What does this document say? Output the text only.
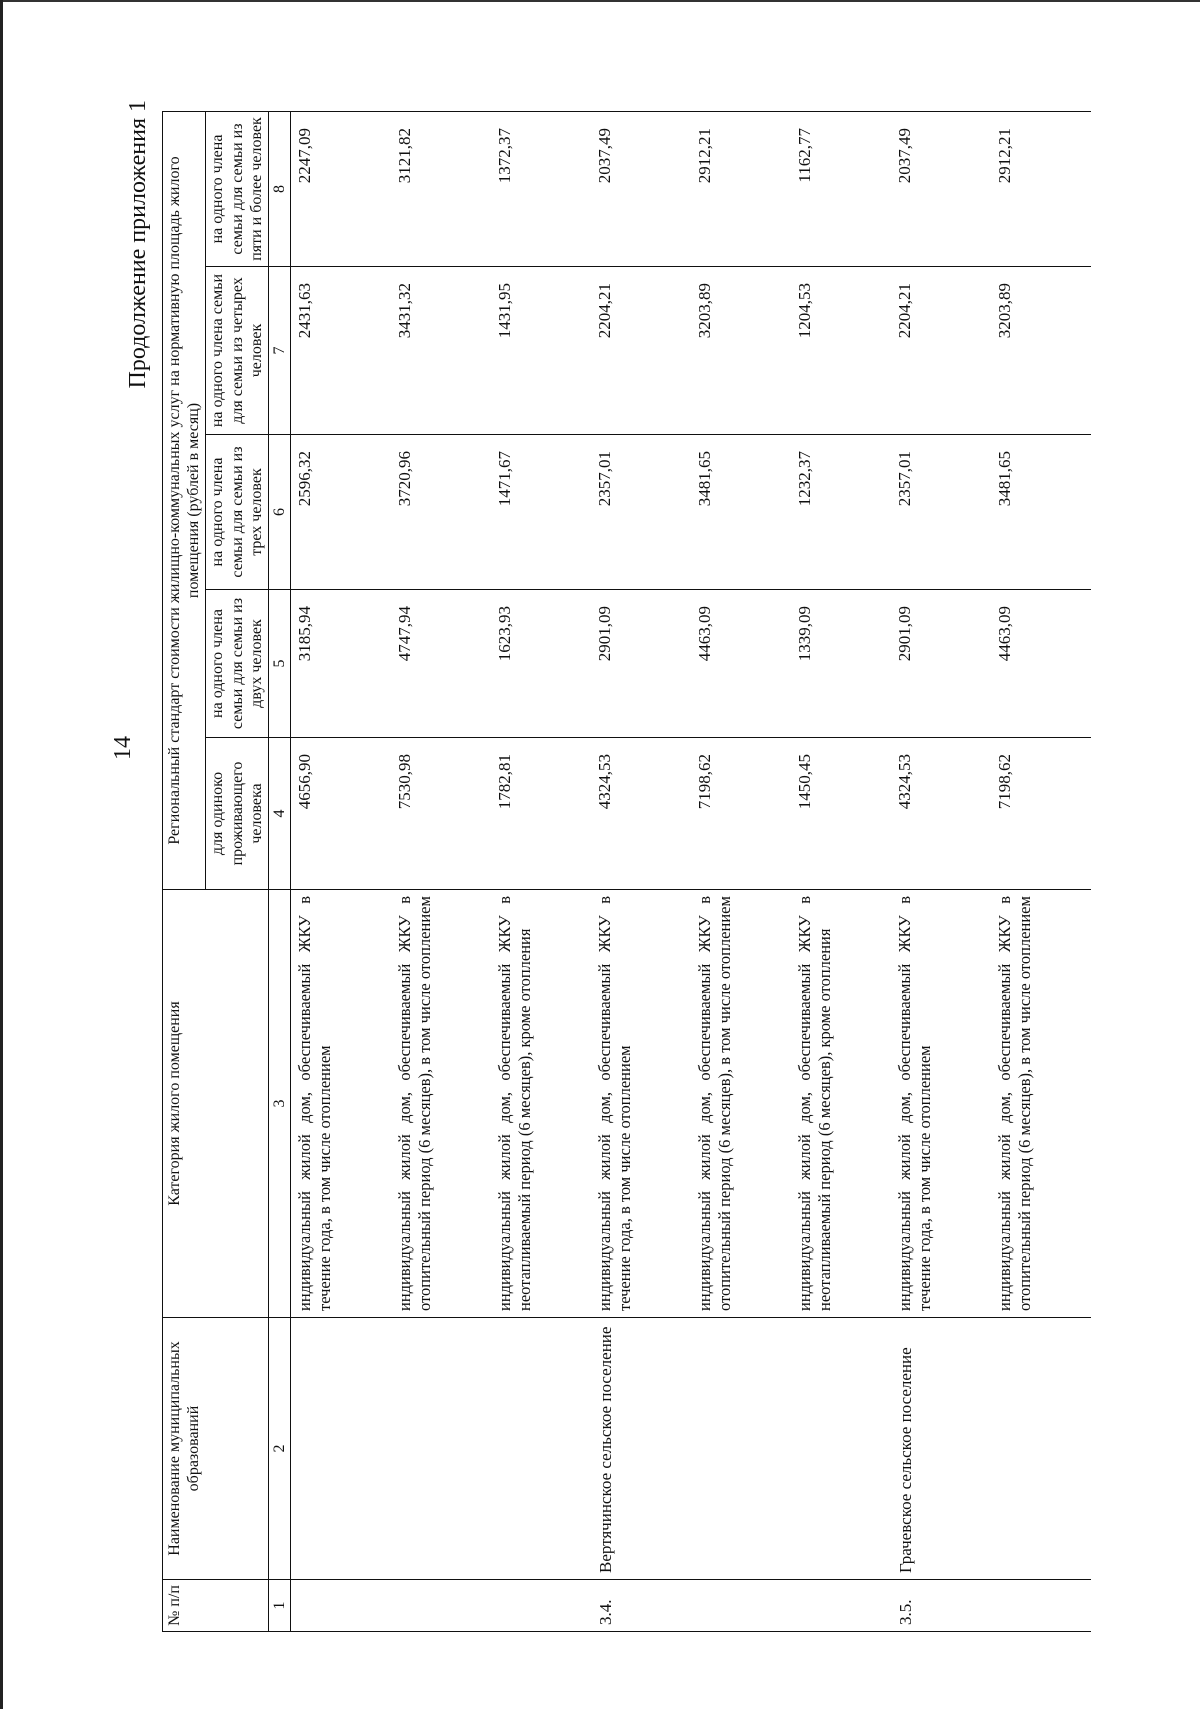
14
Продолжение приложения 1
№ п/п	Наименование муниципальных образований	Категория жилого помещения	Региональный стандарт стоимости жилищно-коммунальных услуг на нормативную площадь жилого помещения (рублей в месяц)				
			для одиноко проживающего человека	на одного члена семьи для семьи из двух человек	на одного члена семьи для семьи из трех человек	на одного члена семьи для семьи из четырех человек	на одного члена семьи для семьи из пяти и более человек
1	2	3	4	5	6	7	8
		индивидуальный жилой дом, обеспечиваемый ЖКУ в течение года, в том числе отоплением	4656,90	3185,94	2596,32	2431,63	2247,09
		индивидуальный жилой дом, обеспечиваемый ЖКУ в отопительный период (6 месяцев), в том числе отоплением	7530,98	4747,94	3720,96	3431,32	3121,82
		индивидуальный жилой дом, обеспечиваемый ЖКУ в неотапливаемый период (6 месяцев), кроме отопления	1782,81	1623,93	1471,67	1431,95	1372,37
3.4.	Вертячинское сельское поселение	индивидуальный жилой дом, обеспечиваемый ЖКУ в течение года, в том числе отоплением	4324,53	2901,09	2357,01	2204,21	2037,49
		индивидуальный жилой дом, обеспечиваемый ЖКУ в отопительный период (6 месяцев), в том числе отоплением	7198,62	4463,09	3481,65	3203,89	2912,21
		индивидуальный жилой дом, обеспечиваемый ЖКУ в неотапливаемый период (6 месяцев), кроме отопления	1450,45	1339,09	1232,37	1204,53	1162,77
3.5.	Грачевское сельское поселение	индивидуальный жилой дом, обеспечиваемый ЖКУ в течение года, в том числе отоплением	4324,53	2901,09	2357,01	2204,21	2037,49
		индивидуальный жилой дом, обеспечиваемый ЖКУ в отопительный период (6 месяцев), в том числе отоплением	7198,62	4463,09	3481,65	3203,89	2912,21
